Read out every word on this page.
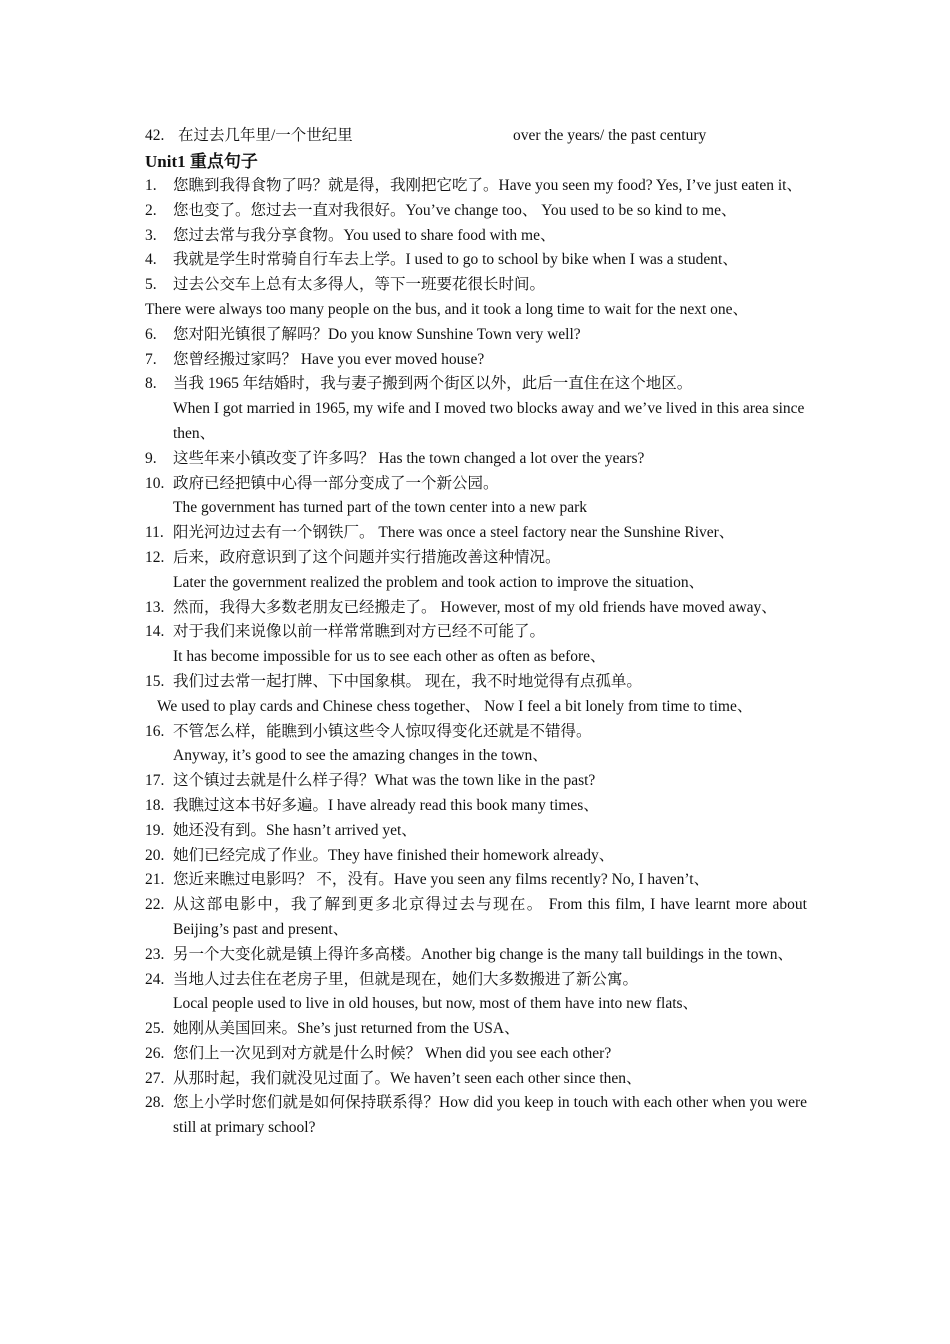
42. 在过去几年里/一个世纪里	over the years/ the past century
Unit1 重点句子
1. 您瞧到我得食物了吗？就是得，我刚把它吃了。Have you seen my food? Yes, I’ve just eaten it、
2. 您也变了。您过去一直对我很好。You’ve change too、 You used to be so kind to me、
3. 您过去常与我分享食物。You used to share food with me、
4. 我就是学生时常骑自行车去上学。I used to go to school by bike when I was a student、
5. 过去公交车上总有太多得人，等下一班要花很长时间。
There were always too many people on the bus, and it took a long time to wait for the next one、
6. 您对阳光镇很了解吗？Do you know Sunshine Town very well?
7. 您曾经搬过家吗？ Have you ever moved house?
8. 当我 1965 年结婚时，我与妻子搬到两个街区以外，此后一直住在这个地区。
When I got married in 1965, my wife and I moved two blocks away and we’ve lived in this area since then、
9. 这些年来小镇改变了许多吗？ Has the town changed a lot over the years?
10. 政府已经把镇中心得一部分变成了一个新公园。
The government has turned part of the town center into a new park
11. 阳光河边过去有一个钢铁厂。 There was once a steel factory near the Sunshine River、
12. 后来，政府意识到了这个问题并实行措施改善这种情况。
Later the government realized the problem and took action to improve the situation、
13. 然而，我得大多数老朋友已经搬走了。 However, most of my old friends have moved away、
14. 对于我们来说像以前一样常常瞧到对方已经不可能了。
It has become impossible for us to see each other as often as before、
15. 我们过去常一起打牌、下中国象棋。 现在，我不时地觉得有点孤单。
We used to play cards and Chinese chess together、 Now I feel a bit lonely from time to time、
16. 不管怎么样，能瞧到小镇这些令人惊叹得变化还就是不错得。
Anyway, it’s good to see the amazing changes in the town、
17. 这个镇过去就是什么样子得？What was the town like in the past?
18. 我瞧过这本书好多遍。I have already read this book many times、
19. 她还没有到。She hasn’t arrived yet、
20. 她们已经完成了作业。They have finished their homework already、
21. 您近来瞧过电影吗？ 不，没有。Have you seen any films recently? No, I haven’t、
22. 从这部电影中，我了解到更多北京得过去与现在。 From this film, I have learnt more about Beijing’s past and present、
23. 另一个大变化就是镇上得许多高楼。Another big change is the many tall buildings in the town、
24. 当地人过去住在老房子里，但就是现在，她们大多数搬进了新公寓。
Local people used to live in old houses, but now, most of them have into new flats、
25. 她刚从美国回来。She’s just returned from the USA、
26. 您们上一次见到对方就是什么时候？ When did you see each other?
27. 从那时起，我们就没见过面了。We haven’t seen each other since then、
28. 您上小学时您们就是如何保持联系得？How did you keep in touch with each other when you were still at primary school?
